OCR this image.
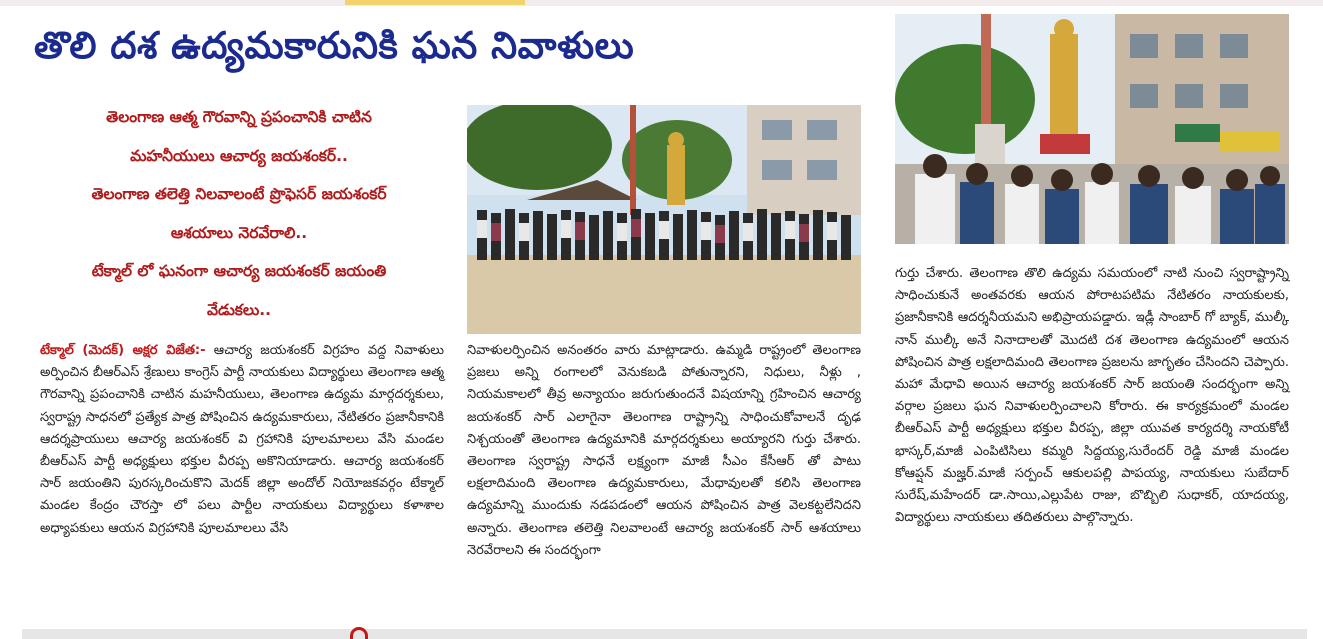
తొలి దశ ఉద్యమకారునికి ఘన నివాళులు
తెలంగాణ ఆత్మ గౌరవాన్ని ప్రపంచానికి చాటిన
మహనీయులు ఆచార్య జయశంకర్..
తెలంగాణ తలెత్తి నిలవాలంటే ప్రొఫెసర్ జయశంకర్
ఆశయాలు నెరవేరాలి..
టేక్మాల్ లో ఘనంగా ఆచార్య జయశంకర్ జయంతి
వేడుకలు..

టేక్మాల్ (మెదక్) అక్షర విజేత:- ఆచార్య జయశంకర్ విగ్రహం వద్ద నివాళులు అర్పించిన బీఆర్ఎస్ శ్రేణులు కాంగ్రెస్ పార్టీ నాయకులు విద్యార్థులు తెలంగాణ ఆత్మ గౌరవాన్ని ప్రపంచానికి చాటిన మహనీయులు, తెలంగాణ ఉద్యమ మార్గదర్శకులు, స్వరాష్ట్ర సాధనలో ప్రత్యేక పాత్ర పోషించిన ఉద్యమకారులు, నేటితరం ప్రజానీకానికి ఆదర్శప్రాయులు ఆచార్య జయశంకర్ వి గ్రహానికి పూలమాలలు వేసి మండల బీఆర్ఎస్ పార్టీ అధ్యక్షులు భక్తుల వీరప్ప అకొనియాడారు. ఆచార్య జయశంకర్ సార్ జయంతిని పురస్కరించుకొని మెదక్ జిల్లా అందోల్ నియోజకవర్గం టేక్మాల్ మండల కేంద్రం చౌరస్తా లో పలు పార్టీల నాయకులు విద్యార్థులు కళాశాల అధ్యాపకులు ఆయన విగ్రహానికి పూలమాలలు వేసి

నివాళులర్పించిన అనంతరం వారు మాట్లాడారు. ఉమ్మడి రాష్ట్రంలో తెలంగాణ ప్రజలు అన్ని రంగాలలో వెనుకబడి పోతున్నారని, నిధులు, నీళ్లు , నియమకాలలో తీవ్ర అన్యాయం జరుగుతుందనే విషయాన్ని గ్రహించిన ఆచార్య జయశంకర్ సార్ ఎలాగైనా తెలంగాణ రాష్ట్రాన్ని సాధించుకోవాలనే దృఢ నిశ్చయంతో తెలంగాణ ఉద్యమానికి మార్గదర్శకులు అయ్యారని గుర్తు చేశారు. తెలంగాణ స్వరాష్ట్ర సాధనే లక్ష్యంగా మాజీ సీఎం కేసీఆర్ తో పాటు లక్షలాదిమంది తెలంగాణ ఉద్యమకారులు, మేధావులతో కలిసి తెలంగాణ ఉద్యమాన్ని ముందుకు నడపడంలో ఆయన పోషించిన పాత్ర వెలకట్టలేనిదని అన్నారు. తెలంగాణ తలెత్తి నిలవాలంటే ఆచార్య జయశంకర్ సార్ ఆశయాలు నెరవేరాలని ఈ సందర్భంగా

గుర్తు చేశారు. తెలంగాణ తొలి ఉద్యమ సమయంలో నాటి నుంచి స్వరాష్ట్రాన్ని సాధించుకునే అంతవరకు ఆయన పోరాటపటిమ నేటితరం నాయకులకు, ప్రజానీకానికి ఆదర్శనీయమని అభిప్రాయపడ్డారు. ఇడ్లీ సాంబార్ గో బ్యాక్, ముల్కీ నాన్ ముల్కీ అనే నినాదాలతో మొదటి దశ తెలంగాణ ఉద్యమంలో ఆయన పోషించిన పాత్ర లక్షలాదిమంది తెలంగాణ ప్రజలను జాగృతం చేసిందని చెప్పారు. మహా మేధావి అయిన ఆచార్య జయశంకర్ సార్ జయంతి సందర్భంగా అన్ని వర్గాల ప్రజలు ఘన నివాళులర్పించాలని కోరారు. ఈ కార్యక్రమంలో మండల బీఆర్ఎస్ పార్టీ అధ్యక్షులు భక్తుల వీరప్ప, జిల్లా యువత కార్యదర్శి నాయకోటీ భాస్కర్,మాజీ ఎంపిటిసిలు కమ్మరి సిద్దయ్య,సురేందర్ రెడ్డి మాజీ మండల కోఆప్షన్ మజ్హర్.మాజీ సర్పంచ్ ఆకులపల్లి పాపయ్య, నాయకులు సుబేదార్ సురేష్,మహేందర్ డా.సాయి,ఎల్లుపేట రాజు, బొబ్బిలి సుధాకర్, యాదయ్య, విద్యార్థులు నాయకులు తదితరులు పాల్గొన్నారు.
